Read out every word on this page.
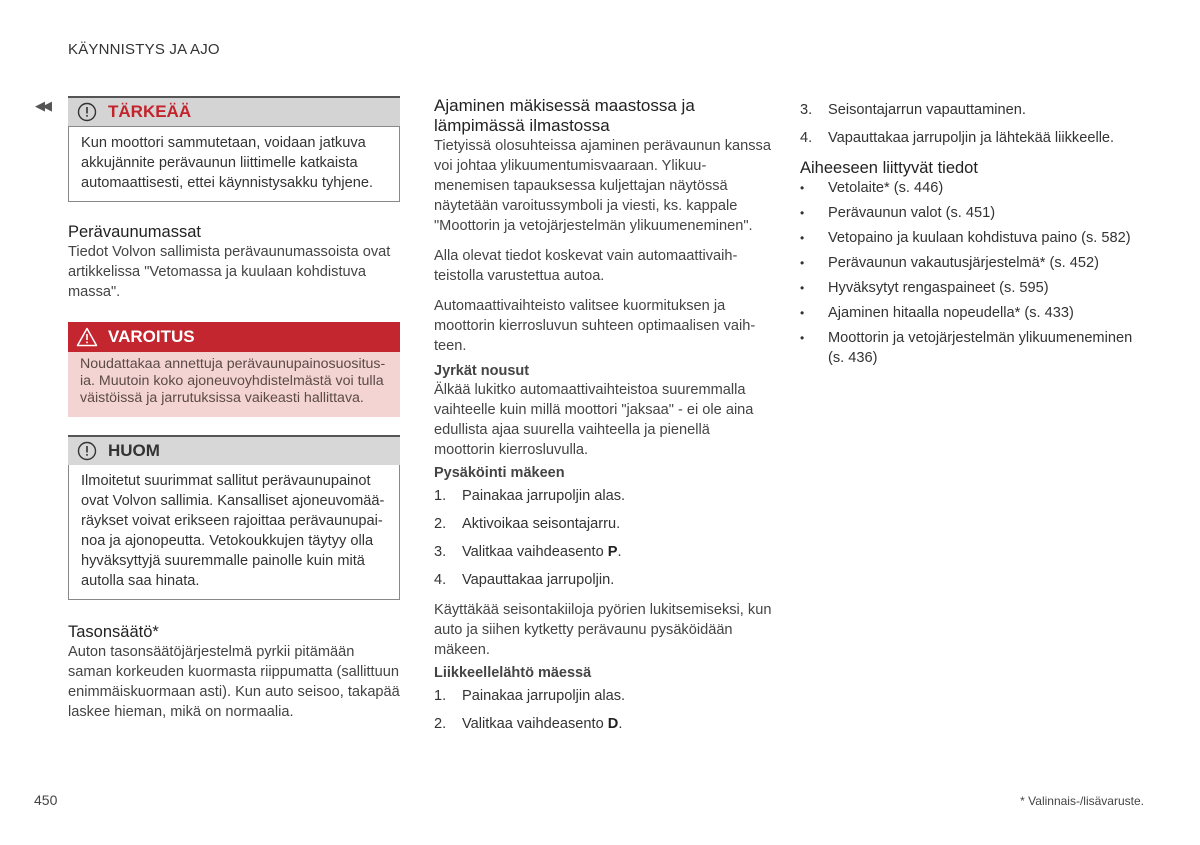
KÄYNNISTYS JA AJO
◀◀	TÄRKEÄÄ
Kun moottori sammutetaan, voidaan jatkuva akkujännite perävaunun liittimelle katkaista automaattisesti, ettei käynnistysakku tyhjene.
Perävaunumassat

Tiedot Volvon sallimista perävaunumassoista ovat artikkelissa "Vetomassa ja kuulaan kohdistuva massa".

VAROITUS
Noudattakaa annettuja perävaunupainosuositusia. Muutoin koko ajoneuvoyhdistelmästä voi tulla väistöissä ja jarrutuksissa vaikeasti hallittava.
HUOM
Ilmoitetut suurimmat sallitut perävaunupainot ovat Volvon sallimia. Kansalliset ajoneuvomääräykset voivat erikseen rajoittaa perävaunupainoa ja ajonopeutta. Vetokoukkujen täytyy olla hyväksyttyjä suuremmalle painolle kuin mitä autolla saa hinata.
Tasonsäätö*

Auton tasonsäätöjärjestelmä pyrkii pitämään saman korkeuden kuormasta riippumatta (sallittuun enimmäiskuormaan asti). Kun auto seisoo, takapää laskee hieman, mikä on normaalia.

Ajaminen mäkisessä maastossa ja lämpimässä ilmastossa

Tietyissä olosuhteissa ajaminen perävaunun kanssa voi johtaa ylikuumentumisvaaraan. Ylikuumenemisen tapauksessa kuljettajan näytössä näytetään varoitussymboli ja viesti, ks. kappale "Moottorin ja vetojärjestelmän ylikuumeneminen".

Alla olevat tiedot koskevat vain automaattivaihteistolla varustettua autoa.

Automaattivaihteisto valitsee kuormituksen ja moottorin kierrosluvun suhteen optimaalisen vaihteen.

Jyrkät nousut

Älkää lukitko automaattivaihteistoa suuremmalla vaihteelle kuin millä moottori "jaksaa" - ei ole aina edullista ajaa suurella vaihteella ja pienellä moottorin kierrosluvulla.

Pysäköinti mäkeen
1.	Painakaa jarrupoljin alas.
2.	Aktivoikaa seisontajarru.
3.	Valitkaa vaihdeasento P.
4.	Vapauttakaa jarrupoljin.

Käyttäkää seisontakiiloja pyörien lukitsemiseksi, kun auto ja siihen kytketty perävaunu pysäköidään mäkeen.

Liikkeellelähtö mäessä
1.	Painakaa jarrupoljin alas.
2.	Valitkaa vaihdeasento D.
3.	Seisontajarrun vapauttaminen.
4.	Vapauttakaa jarrupoljin ja lähtekää liikkeelle.
Aiheeseen liittyvät tiedot
•	Vetolaite* (s. 446)
•	Perävaunun valot (s. 451)
•	Vetopaino ja kuulaan kohdistuva paino (s. 582)
•	Perävaunun vakautusjärjestelmä* (s. 452)
•	Hyväksytyt rengaspaineet (s. 595)
•	Ajaminen hitaalla nopeudella* (s. 433)
•	Moottorin ja vetojärjestelmän ylikuumeneminen (s. 436)
450	* Valinnais-/lisävaruste.
